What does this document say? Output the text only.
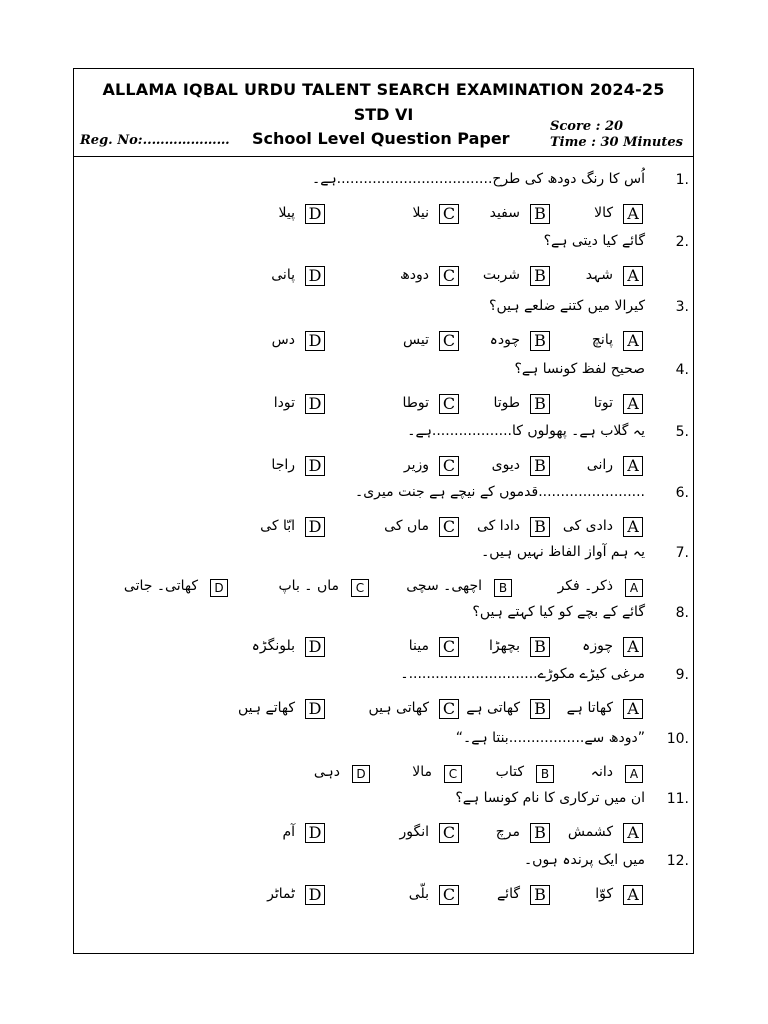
ALLAMA IQBAL URDU TALENT SEARCH EXAMINATION 2024-25
STD VI
Reg. No:..……………… School Level Question Paper
Score : 20
Time : 30 Minutes
1.
اُس کا رنگ دودھ کی طرح...................................ہے۔
A
کالا
B
سفید
C
نیلا
D
پیلا
2.
گائے کیا دیتی ہے؟
A
شہد
B
شربت
C
دودھ
D
پانی
3.
کیرالا میں کتنے ضلعے ہیں؟
A
پانچ
B
چودہ
C
تیس
D
دس
4.
صحیح لفظ کونسا ہے؟
A
توتا
B
طوتا
C
توطا
D
تودا
5.
یہ گلاب ہے۔ پھولوں کا..................ہے۔
A
رانی
B
دیوی
C
وزیر
D
راجا
6.
........................قدموں کے نیچے ہے جنت میری۔
A
دادی کی
B
دادا کی
C
ماں کی
D
ابّا کی
7.
یہ ہم آواز الفاظ نہیں ہیں۔
A
ذکر۔ فکر
B
اچھی۔ سچی
C
ماں ۔ باپ
D
کھاتی۔ جاتی
8.
گائے کے بچے کو کیا کہتے ہیں؟
A
چوزہ
B
بچھڑا
C
مینا
D
بلونگڑہ
9.
مرغی کیڑے مکوڑے.............................۔
A
کھاتا ہے
B
کھاتی ہے
C
کھاتی ہیں
D
کھاتے ہیں
10.
”دودھ سے.................بنتا ہے۔“
A
دانہ
B
کتاب
C
مالا
D
دہی
11.
ان میں ترکاری کا نام کونسا ہے؟
A
کشمش
B
مرچ
C
انگور
D
آم
12.
میں ایک پرندہ ہوں۔
A
کوّا
B
گائے
C
بلّی
D
ٹماٹر
